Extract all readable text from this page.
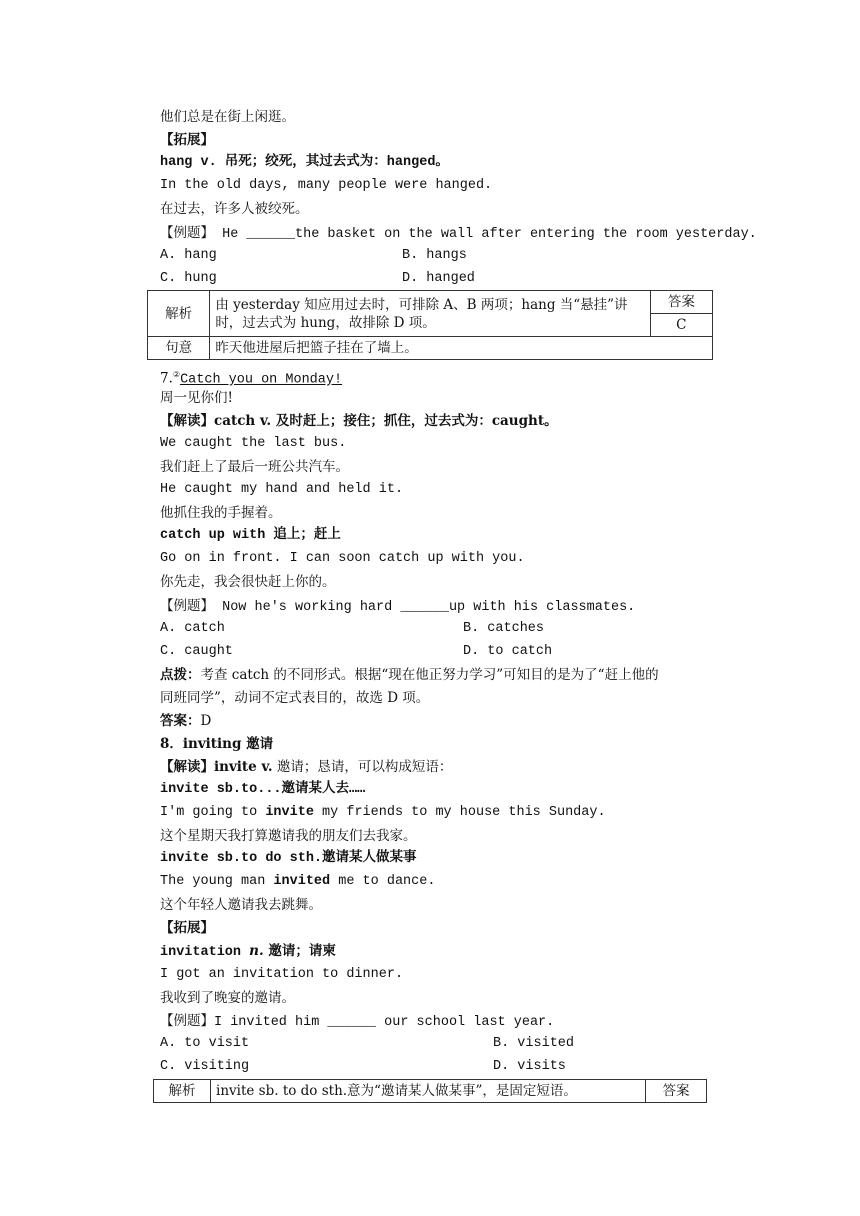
他们总是在街上闲逛。
【拓展】
hang v. 吊死；绞死，其过去式为：hanged。
In the old days, many people were hanged.
在过去，许多人被绞死。
【例题】 He ______the basket on the wall after entering the room yesterday.
A. hang	B. hangs
C. hung	D. hanged
解析	由 yesterday 知应用过去时，可排除 A、B 两项；hang 当“悬挂”讲时，过去式为 hung，故排除 D 项。	答案
		C
句意	昨天他进屋后把篮子挂在了墙上。	
7.②Catch you on Monday!
周一见你们!
【解读】catch v. 及时赶上；接住；抓住，过去式为：caught。
We caught the last bus.
我们赶上了最后一班公共汽车。
He caught my hand and held it.
他抓住我的手握着。
catch up with 追上；赶上
Go on in front. I can soon catch up with you.
你先走，我会很快赶上你的。
【例题】 Now he's working hard ______up with his classmates.
A. catch	B. catches
C. caught	D. to catch
点拨：考查 catch 的不同形式。根据“现在他正努力学习”可知目的是为了“赶上他的
同班同学”，动词不定式表目的，故选 D 项。
答案：D
8．inviting 邀请
【解读】invite v. 邀请；恳请，可以构成短语：
invite sb.to...邀请某人去……
I'm going to invite my friends to my house this Sunday.
这个星期天我打算邀请我的朋友们去我家。
invite sb.to do sth.邀请某人做某事
The young man invited me to dance.
这个年轻人邀请我去跳舞。
【拓展】
invitation n. 邀请；请柬
I got an invitation to dinner.
我收到了晚宴的邀请。
【例题】I invited him ______ our school last year.
A. to visit	B. visited
C. visiting	D. visits
解析	invite sb. to do sth.意为“邀请某人做某事”，是固定短语。	答案
